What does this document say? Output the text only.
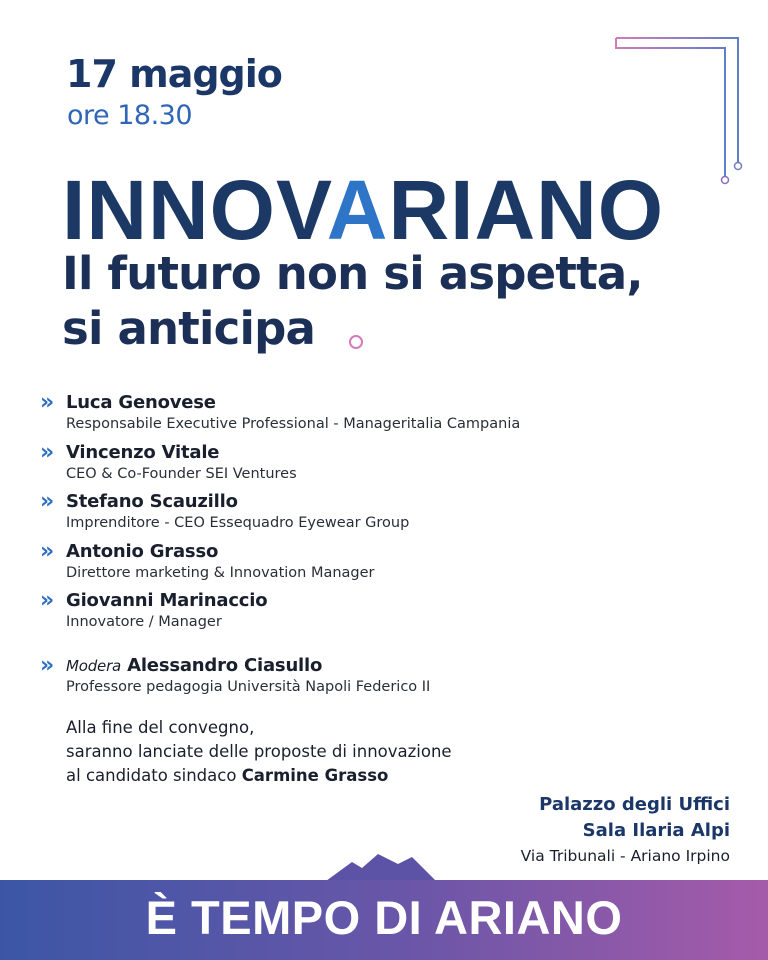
17 maggio
ore 18.30
INNOVARIANO
Il futuro non si aspetta,
si anticipa
» Luca Genovese
Responsabile Executive Professional - Manageritalia Campania
» Vincenzo Vitale
CEO & Co-Founder SEI Ventures
» Stefano Scauzillo
Imprenditore - CEO Essequadro Eyewear Group
» Antonio Grasso
Direttore marketing & Innovation Manager
» Giovanni Marinaccio
Innovatore / Manager
» Modera Alessandro Ciasullo
Professore pedagogia Università Napoli Federico II
Alla fine del convegno,
saranno lanciate delle proposte di innovazione
al candidato sindaco Carmine Grasso
Palazzo degli Uffici
Sala Ilaria Alpi
Via Tribunali - Ariano Irpino
È TEMPO DI ARIANO
